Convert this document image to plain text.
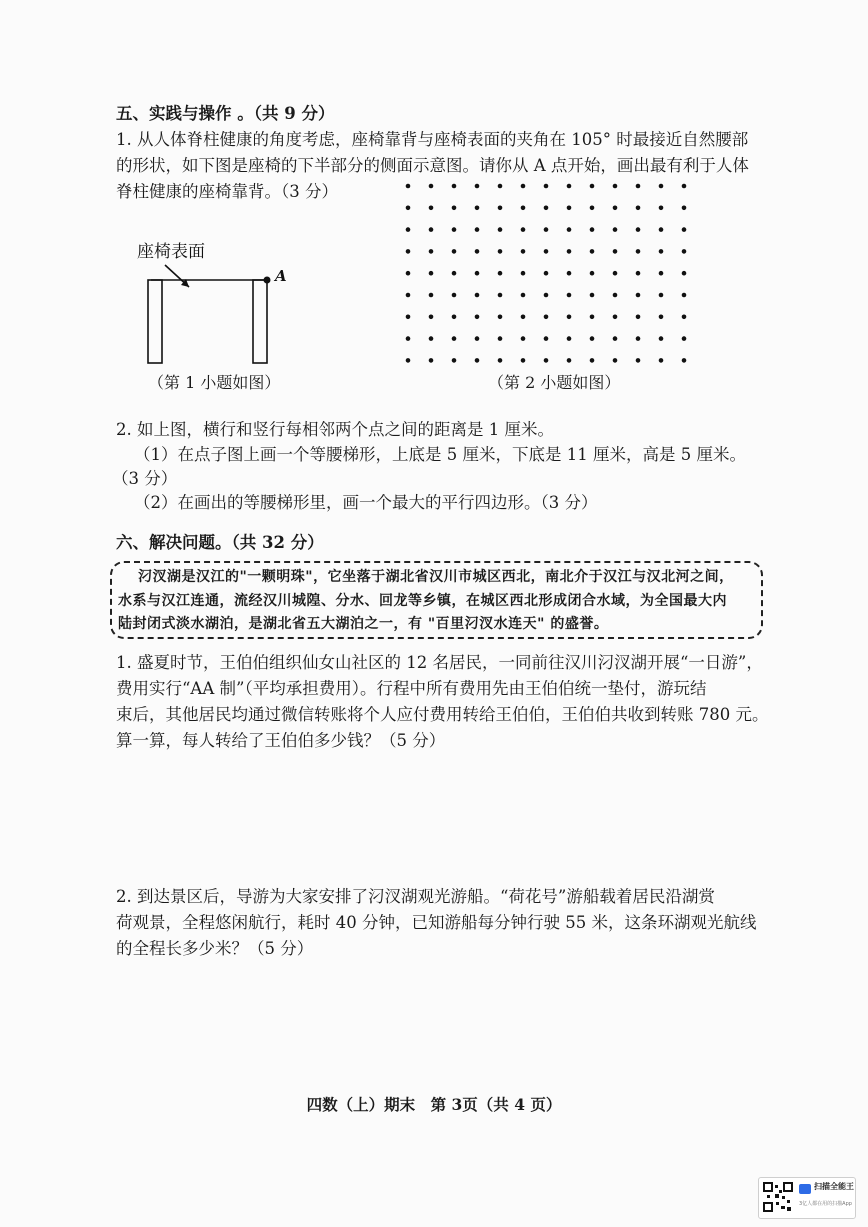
五、实践与操作 。（共 9 分）
1. 从人体脊柱健康的角度考虑，座椅靠背与座椅表面的夹角在 105° 时最接近自然腰部
的形状，如下图是座椅的下半部分的侧面示意图。请你从 A 点开始，画出最有利于人体
脊柱健康的座椅靠背。（3 分）
座椅表面
A
（第 1 小题如图）	（第 2 小题如图）
2. 如上图，横行和竖行每相邻两个点之间的距离是 1 厘米。
（1）在点子图上画一个等腰梯形，上底是 5 厘米，下底是 11 厘米，高是 5 厘米。
（3 分）
（2）在画出的等腰梯形里，画一个最大的平行四边形。（3 分）
六、解决问题。（共 32 分）
汈汊湖是汉江的"一颗明珠"，它坐落于湖北省汉川市城区西北，南北介于汉江与汉北河之间，
水系与汉江连通，流经汉川城隍、分水、回龙等乡镇，在城区西北形成闭合水域，为全国最大内
陆封闭式淡水湖泊，是湖北省五大湖泊之一，有 "百里汈汊水连天" 的盛誉。
1. 盛夏时节，王伯伯组织仙女山社区的 12 名居民，一同前往汉川汈汊湖开展“一日游”，
费用实行“AA 制”（平均承担费用）。行程中所有费用先由王伯伯统一垫付，游玩结
束后，其他居民均通过微信转账将个人应付费用转给王伯伯，王伯伯共收到转账 780 元。
算一算，每人转给了王伯伯多少钱？（5 分）
2. 到达景区后，导游为大家安排了汈汊湖观光游船。“荷花号”游船载着居民沿湖赏
荷观景，全程悠闲航行，耗时 40 分钟，已知游船每分钟行驶 55 米，这条环湖观光航线
的全程长多少米？（5 分）
四数（上）期末　第 3页（共 4 页）
扫描全能王
3亿人都在用的扫描App
